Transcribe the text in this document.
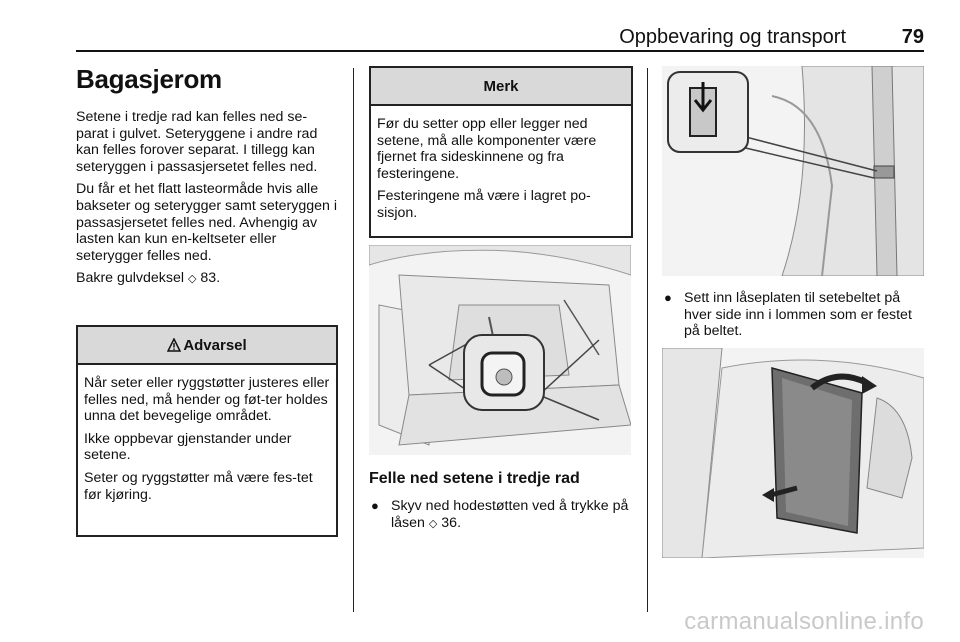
Oppbevaring og transport	79
Bagasjerom

Setene i tredje rad kan felles ned se-parat i gulvet. Seteryggene i andre rad kan felles forover separat. I tillegg kan seteryggen i passasjersetet felles ned.

Du får et het flatt lasteormåde hvis alle bakseter og seterygger samt seteryggen i passasjersetet felles ned. Avhengig av lasten kan kun en-keltseter eller seterygger felles ned.

Bakre gulvdeksel ◇ 83.

Advarsel

Når seter eller ryggstøtter justeres eller felles ned, må hender og føt-ter holdes unna det bevegelige området.

Ikke oppbevar gjenstander under setene.

Seter og ryggstøtter må være fes-tet før kjøring.

Merk

Før du setter opp eller legger ned setene, må alle komponenter være fjernet fra sideskinnene og fra festeringene.

Festeringene må være i lagret po-sisjon.

Felle ned setene i tredje rad

● Skyv ned hodestøtten ved å trykke på låsen ◇ 36.

● Sett inn låseplaten til setebeltet på hver side inn i lommen som er festet på beltet.

carmanualsonline.info
